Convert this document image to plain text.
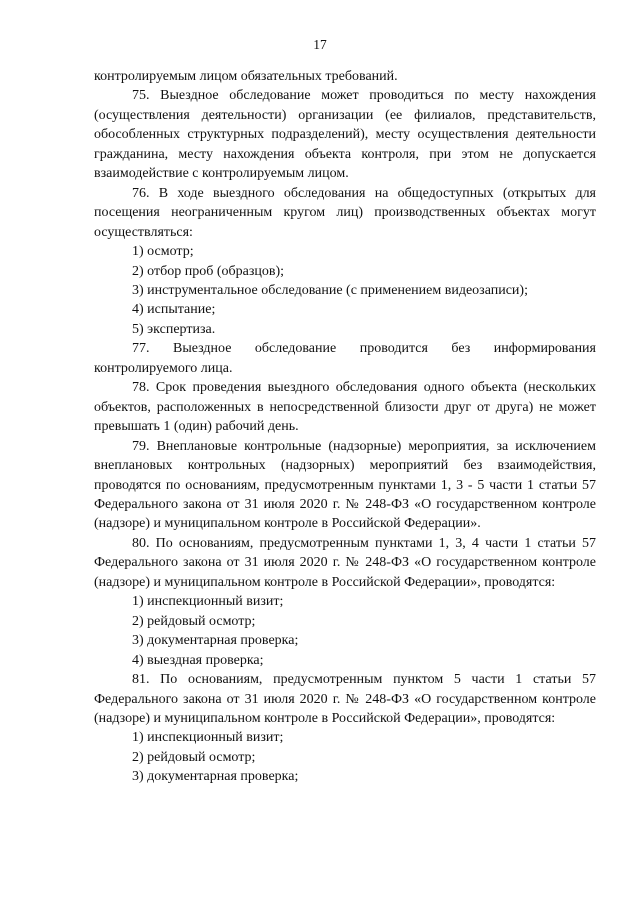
17

контролируемым лицом обязательных требований.

75. Выездное обследование может проводиться по месту нахождения (осуществления деятельности) организации (ее филиалов, представительств, обособленных структурных подразделений), месту осуществления деятельности гражданина, месту нахождения объекта контроля, при этом не допускается взаимодействие с контролируемым лицом.

76. В ходе выездного обследования на общедоступных (открытых для посещения неограниченным кругом лиц) производственных объектах могут осуществляться:

1) осмотр;

2) отбор проб (образцов);

3) инструментальное обследование (с применением видеозаписи);

4) испытание;

5) экспертиза.

77. Выездное обследование проводится без информирования контролируемого лица.

78. Срок проведения выездного обследования одного объекта (нескольких объектов, расположенных в непосредственной близости друг от друга) не может превышать 1 (один) рабочий день.

79. Внеплановые контрольные (надзорные) мероприятия, за исключением внеплановых контрольных (надзорных) мероприятий без взаимодействия, проводятся по основаниям, предусмотренным пунктами 1, 3 - 5 части 1 статьи 57 Федерального закона от 31 июля 2020 г. № 248-ФЗ «О государственном контроле (надзоре) и муниципальном контроле в Российской Федерации».

80. По основаниям, предусмотренным пунктами 1, 3, 4 части 1 статьи 57 Федерального закона от 31 июля 2020 г. № 248-ФЗ «О государственном контроле (надзоре) и муниципальном контроле в Российской Федерации», проводятся:

1) инспекционный визит;

2) рейдовый осмотр;

3) документарная проверка;

4) выездная проверка;

81. По основаниям, предусмотренным пунктом 5 части 1 статьи 57 Федерального закона от 31 июля 2020 г. № 248-ФЗ «О государственном контроле (надзоре) и муниципальном контроле в Российской Федерации», проводятся:

1) инспекционный визит;

2) рейдовый осмотр;

3) документарная проверка;
